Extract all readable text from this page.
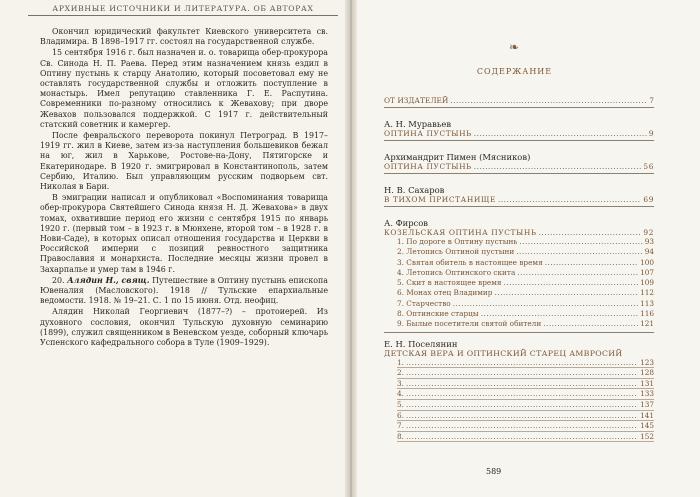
АРХИВНЫЕ ИСТОЧНИКИ И ЛИТЕРАТУРА. ОБ АВТОРАХ

Окончил юридический факультет Киевского университета св. Владимира. В 1898–1917 гг. состоял на государственной службе.

15 сентября 1916 г. был назначен и. о. товарища обер-прокурора Св. Синода Н. П. Раева. Перед этим назначением князь ездил в Оптину пустынь к старцу Анатолию, который посоветовал ему не оставлять государственной службы и отложить поступление в монастырь. Имел репутацию ставленника Г. Е. Распутина. Современники по-разному относились к Жевахову; при дворе Жевахов пользовался поддержкой. С 1917 г. действительный статский советник и камергер.

После февральского переворота покинул Петроград. В 1917–1919 гг. жил в Киеве, затем из-за наступления большевиков бежал на юг, жил в Харькове, Ростове-на-Дону, Пятигорске и Екатеринодаре. В 1920 г. эмигрировал в Константинополь, затем Сербию, Италию. Был управляющим русским подворьем свт. Николая в Бари.

В эмиграции написал и опубликовал «Воспоминания товарища обер-прокурора Святейшего Синода князя Н. Д. Жевахова» в двух томах, охватившие период его жизни с сентября 1915 по январь 1920 г. (первый том – в 1923 г. в Мюнхене, второй том – в 1928 г. в Нови-Саде), в которых описал отношения государства и Церкви в Российской империи с позиций ревностного защитника Православия и монархиста. Последние месяцы жизни провел в Захарпалье и умер там в 1946 г.

20. Алядин Н., свящ. Путешествие в Оптину пустынь епископа Ювеналия (Масловского). 1918 // Тульские епархиальные ведомости. 1918. № 19–21. С. 1 по 15 июня. Отд. неофиц.

Алядин Николай Георгиевич (1877–?) – протоиерей. Из духовного сословия, окончил Тульскую духовную семинарию (1899), служил священником в Веневском уезде, соборный ключарь Успенского кафедрального собора в Туле (1909–1929).

❧
СОДЕРЖАНИЕ
ОТ ИЗДАТЕЛЕЙ .....	7
А. Н. Муравьев
ОПТИНА ПУСТЫНЬ .....	9
Архимандрит Пимен (Мясников)
ОПТИНА ПУСТЫНЬ .....	56
Н. В. Сахаров
В ТИХОМ ПРИСТАНИЩЕ .....	69
А. Фирсов
КОЗЕЛЬСКАЯ ОПТИНА ПУСТЫНЬ .....	92
1. По дороге в Оптину пустынь .....	93
2. Летопись Оптиной пустыни .....	94
3. Святая обитель в настоящее время .....	100
4. Летопись Оптинского скита .....	107
5. Скит в настоящее время .....	109
6. Монах отец Владимир .....	112
7. Старчество .....	113
8. Оптинские старцы .....	116
9. Былые посетители святой обители .....	121
Е. Н. Поселянин
ДЕТСКАЯ ВЕРА И ОПТИНСКИЙ СТАРЕЦ АМВРОСИЙ
1. .....	123
2. .....	128
3. .....	131
4. .....	133
5. .....	137
6. .....	141
7. .....	145
8. .....	152
589
